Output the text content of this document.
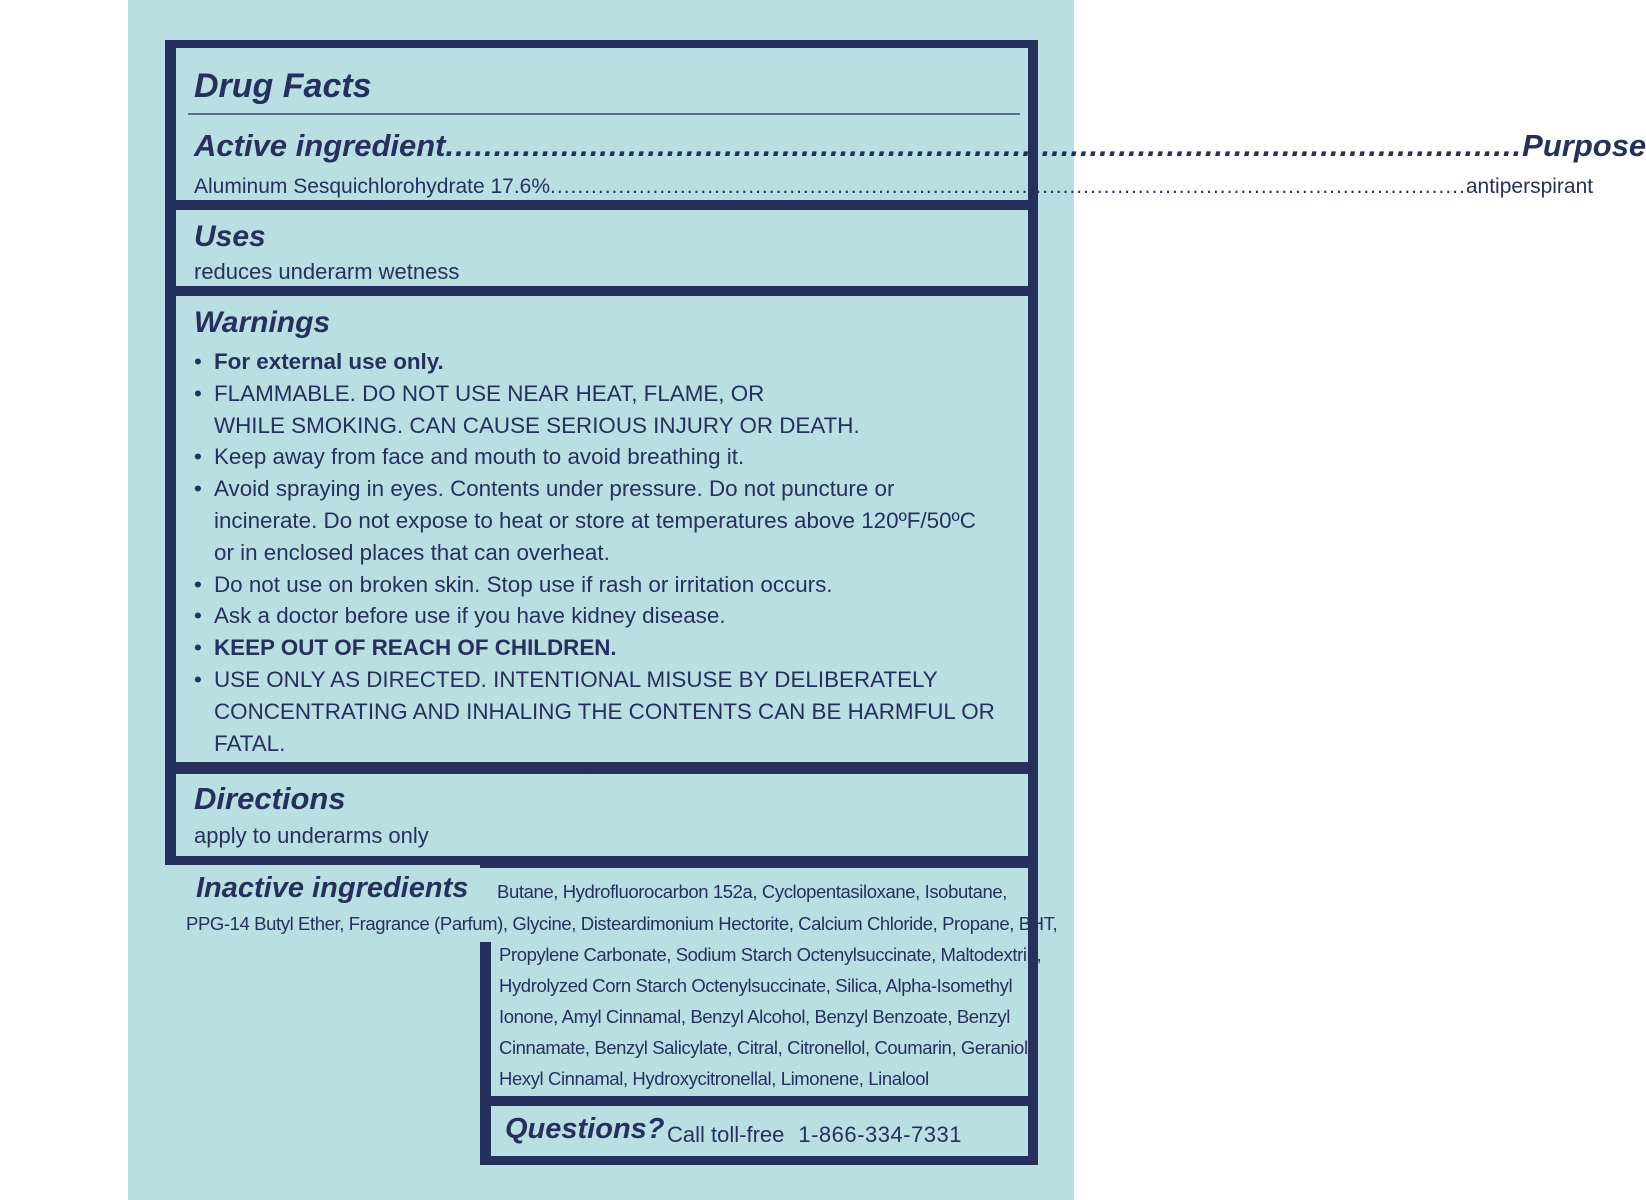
Drug Facts
Active ingredient ................................................................................................................ Purpose
Aluminum Sesquichlorohydrate 17.6% ...................................................................................................................................... antiperspirant
Uses
reduces underarm wetness
Warnings
• For external use only.
• FLAMMABLE. DO NOT USE NEAR HEAT, FLAME, OR
WHILE SMOKING. CAN CAUSE SERIOUS INJURY OR DEATH.
• Keep away from face and mouth to avoid breathing it.
• Avoid spraying in eyes. Contents under pressure. Do not puncture or
incinerate. Do not expose to heat or store at temperatures above 120ºF/50ºC
or in enclosed places that can overheat.
• Do not use on broken skin. Stop use if rash or irritation occurs.
• Ask a doctor before use if you have kidney disease.
• KEEP OUT OF REACH OF CHILDREN.
• USE ONLY AS DIRECTED. INTENTIONAL MISUSE BY DELIBERATELY
CONCENTRATING AND INHALING THE CONTENTS CAN BE HARMFUL OR FATAL.

Directions
apply to underarms only
Inactive ingredients Butane, Hydrofluorocarbon 152a, Cyclopentasiloxane, Isobutane,
PPG-14 Butyl Ether, Fragrance (Parfum), Glycine, Disteardimonium Hectorite, Calcium Chloride, Propane, BHT,
Propylene Carbonate, Sodium Starch Octenylsuccinate, Maltodextrin,
Hydrolyzed Corn Starch Octenylsuccinate, Silica, Alpha-Isomethyl
Ionone, Amyl Cinnamal, Benzyl Alcohol, Benzyl Benzoate, Benzyl
Cinnamate, Benzyl Salicylate, Citral, Citronellol, Coumarin, Geraniol,
Hexyl Cinnamal, Hydroxycitronellal, Limonene, Linalool
Questions? Call toll-free 1-866-334-7331
